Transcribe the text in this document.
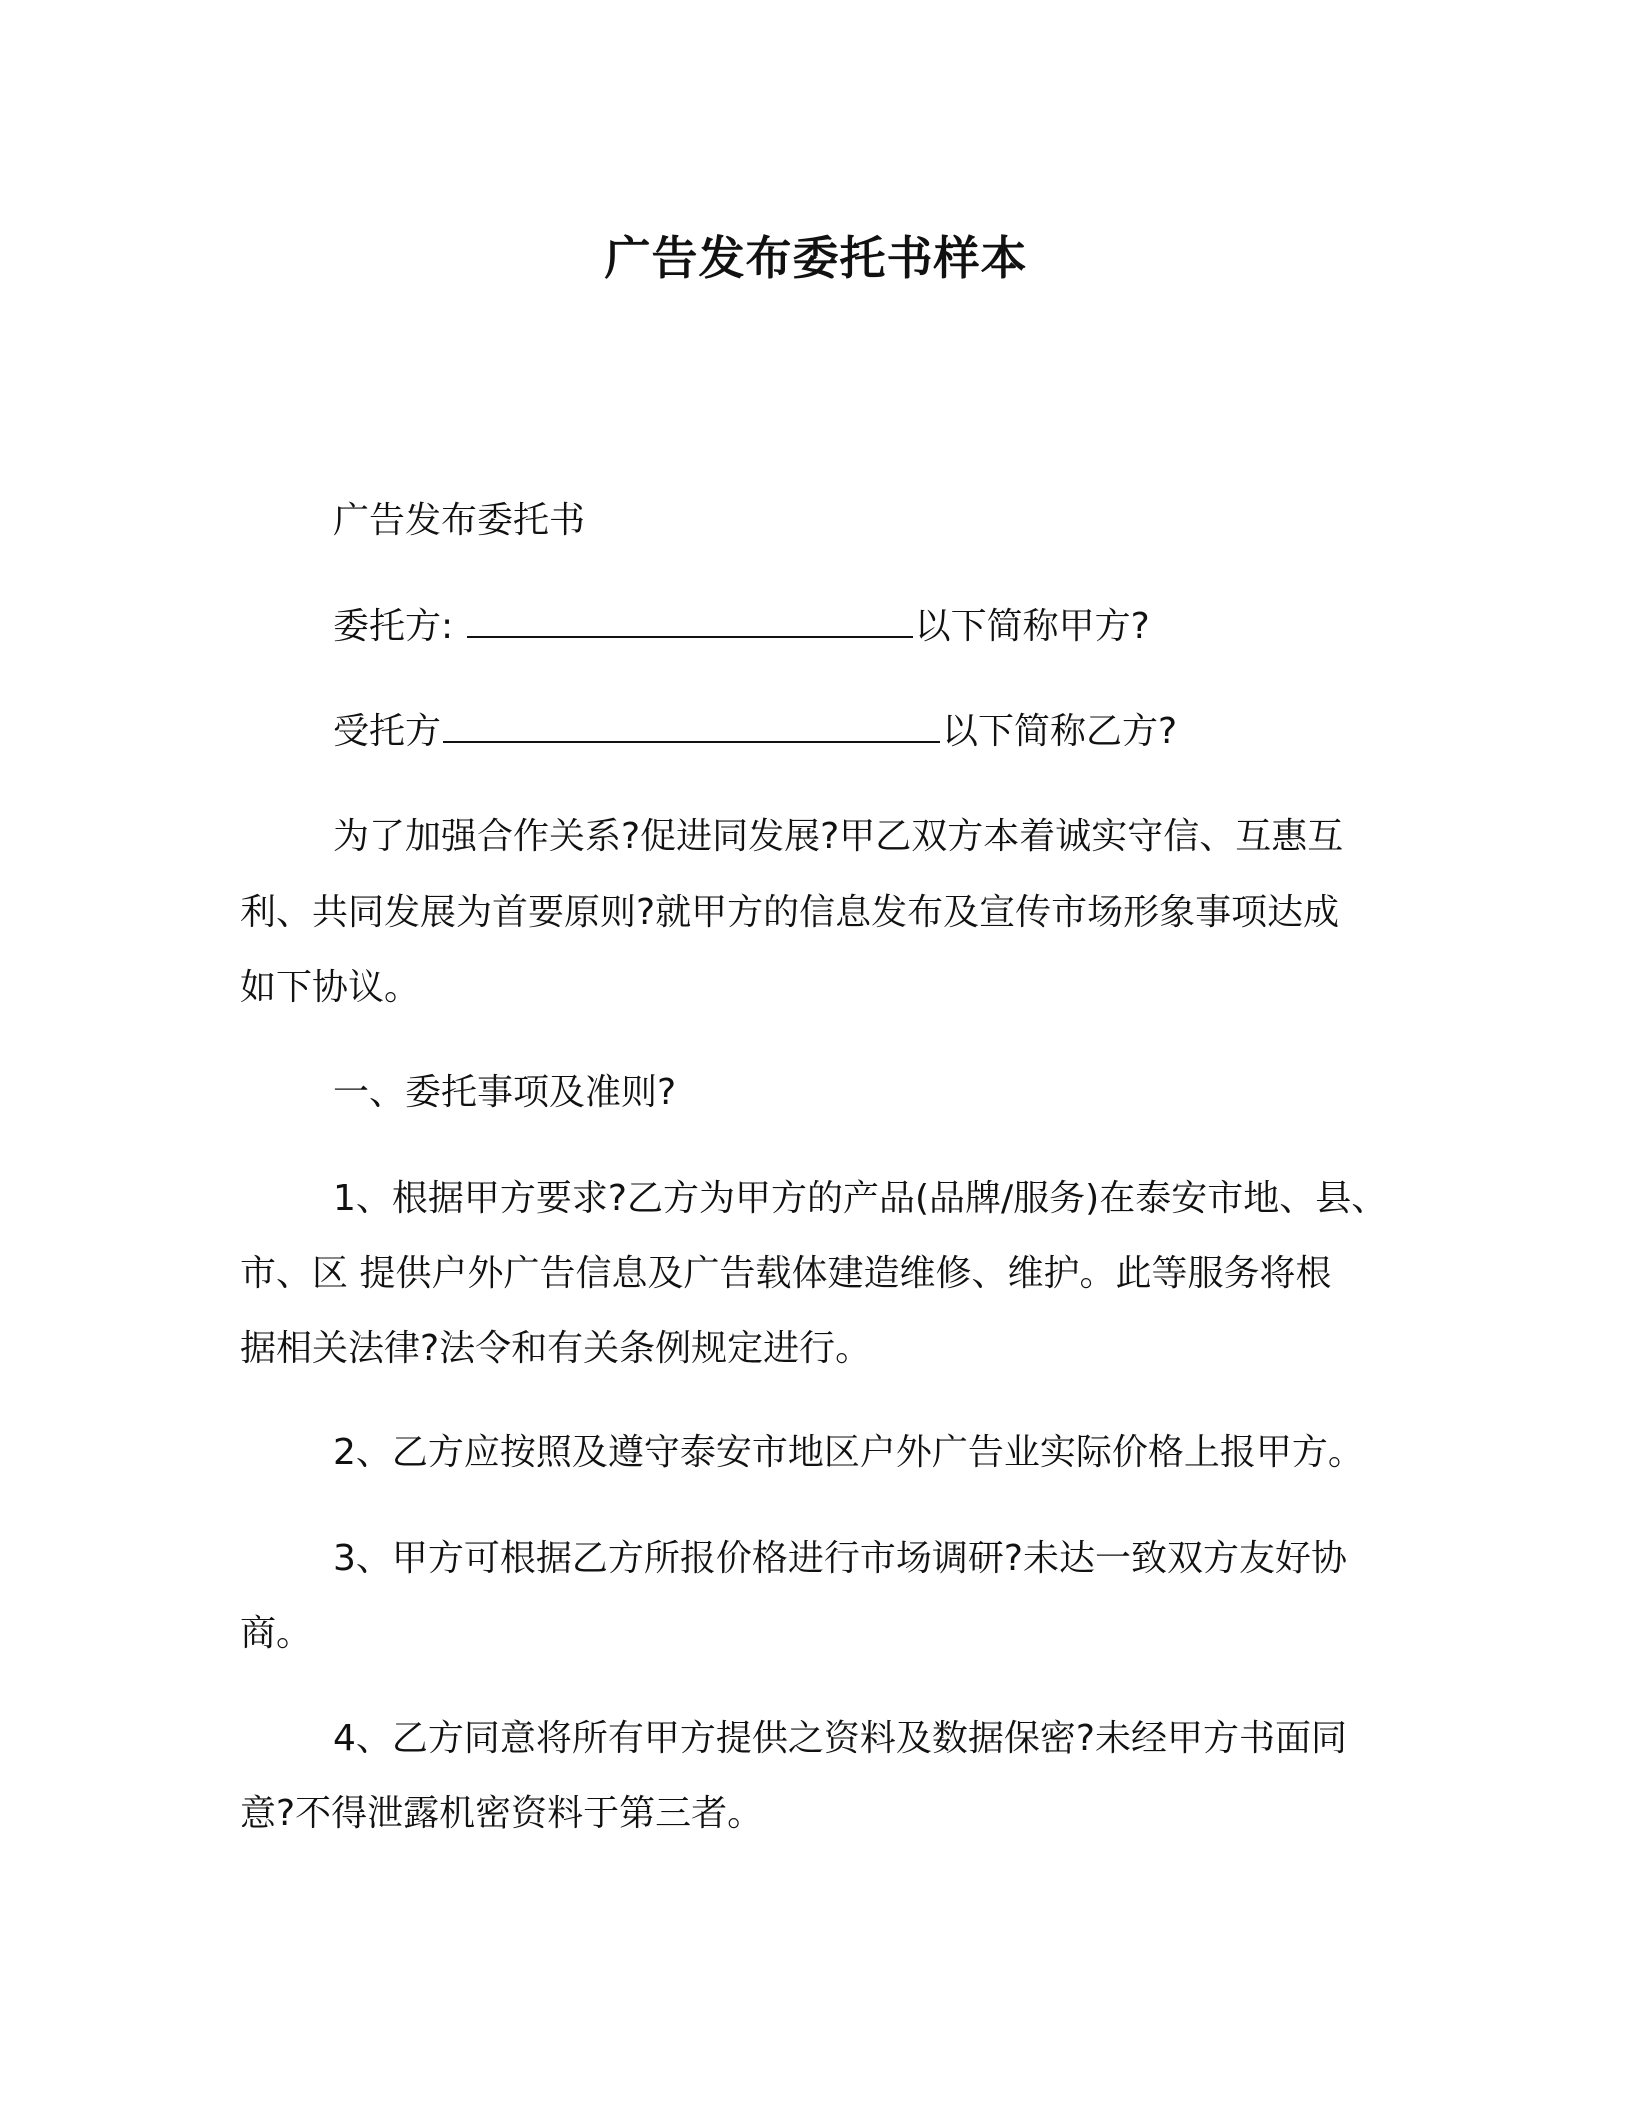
广告发布委托书样本
广告发布委托书
委托方:	以下简称甲方?
受托方	以下简称乙方?
为了加强合作关系?促进同发展?甲乙双方本着诚实守信、互惠互
利、共同发展为首要原则?就甲方的信息发布及宣传市场形象事项达成
如下协议。
一、委托事项及准则?
1、根据甲方要求?乙方为甲方的产品(品牌/服务)在泰安市地、县、
市、区 提供户外广告信息及广告载体建造维修、维护。此等服务将根
据相关法律?法令和有关条例规定进行。
2、乙方应按照及遵守泰安市地区户外广告业实际价格上报甲方。
3、甲方可根据乙方所报价格进行市场调研?未达一致双方友好协
商。
4、乙方同意将所有甲方提供之资料及数据保密?未经甲方书面同
意?不得泄露机密资料于第三者。
